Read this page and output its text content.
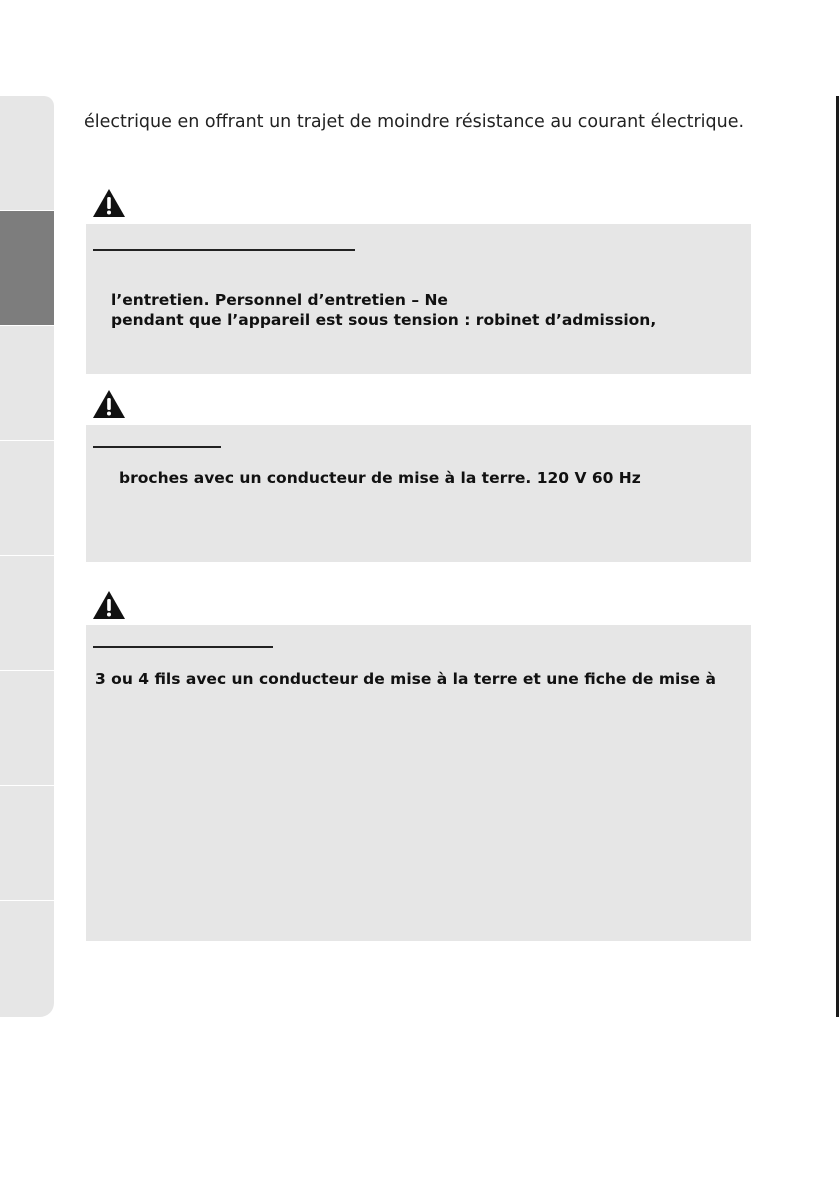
électrique en offrant un trajet de moindre résistance au courant électrique.
l’entretien. Personnel d’entretien – Ne
pendant que l’appareil est sous tension : robinet d’admission,
broches avec un conducteur de mise à la terre. 120 V 60 Hz
3 ou 4 fils avec un conducteur de mise à la terre et une fiche de mise à
